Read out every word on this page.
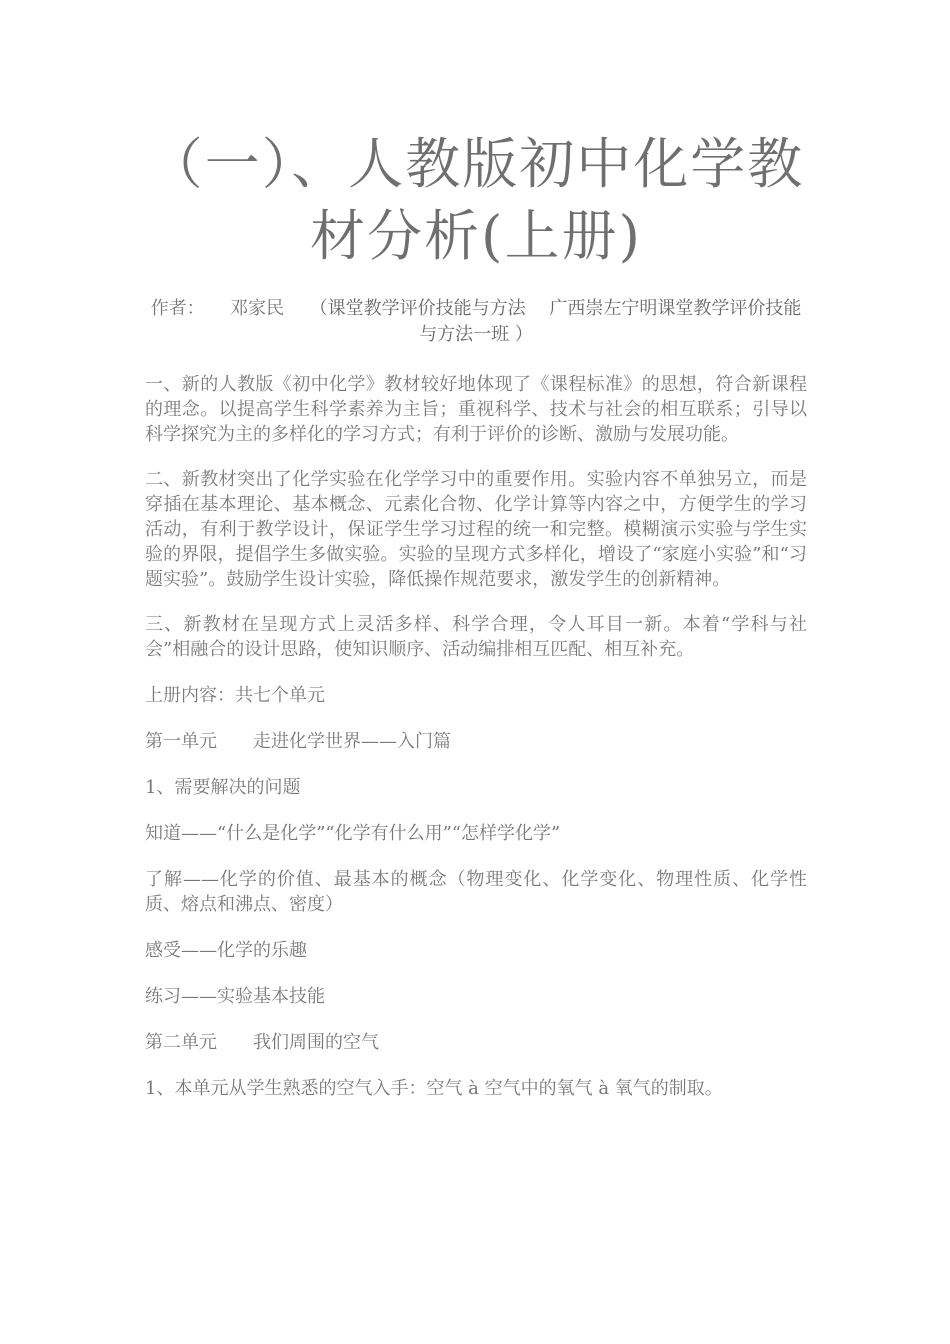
（一）、人教版初中化学教材分析(上册)
作者： 邓家民 （课堂教学评价技能与方法　 广西崇左宁明课堂教学评价技能与方法一班 ）

一、新的人教版《初中化学》教材较好地体现了《课程标准》的思想，符合新课程的理念。以提高学生科学素养为主旨；重视科学、技术与社会的相互联系；引导以科学探究为主的多样化的学习方式；有利于评价的诊断、激励与发展功能。

二、新教材突出了化学实验在化学学习中的重要作用。实验内容不单独另立，而是穿插在基本理论、基本概念、元素化合物、化学计算等内容之中，方便学生的学习活动，有利于教学设计，保证学生学习过程的统一和完整。模糊演示实验与学生实验的界限，提倡学生多做实验。实验的呈现方式多样化，增设了“家庭小实验”和“习题实验”。鼓励学生设计实验，降低操作规范要求，激发学生的创新精神。

三、新教材在呈现方式上灵活多样、科学合理，令人耳目一新。本着“学科与社会”相融合的设计思路，使知识顺序、活动编排相互匹配、相互补充。

上册内容：共七个单元

第一单元　　走进化学世界——入门篇

1、需要解决的问题

知道——“什么是化学”“化学有什么用”“怎样学化学”

了解——化学的价值、最基本的概念（物理变化、化学变化、物理性质、化学性质、熔点和沸点、密度）

感受——化学的乐趣

练习——实验基本技能

第二单元　　我们周围的空气

1、本单元从学生熟悉的空气入手：空气 à 空气中的氧气 à 氧气的制取。
